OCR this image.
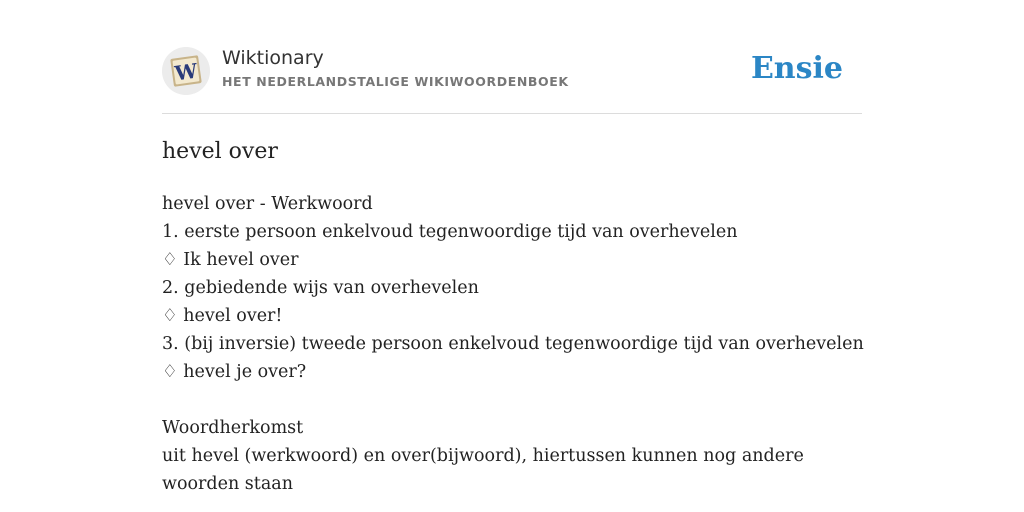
W
Wiktionary
HET NEDERLANDSTALIGE WIKIWOORDENBOEK	Ensie
hevel over
hevel over - Werkwoord
1. eerste persoon enkelvoud tegenwoordige tijd van overhevelen
♢ Ik hevel over
2. gebiedende wijs van overhevelen
♢ hevel over!
3. (bij inversie) tweede persoon enkelvoud tegenwoordige tijd van overhevelen
♢ hevel je over?
Woordherkomst
uit hevel (werkwoord) en over(bijwoord), hiertussen kunnen nog andere woorden staan
